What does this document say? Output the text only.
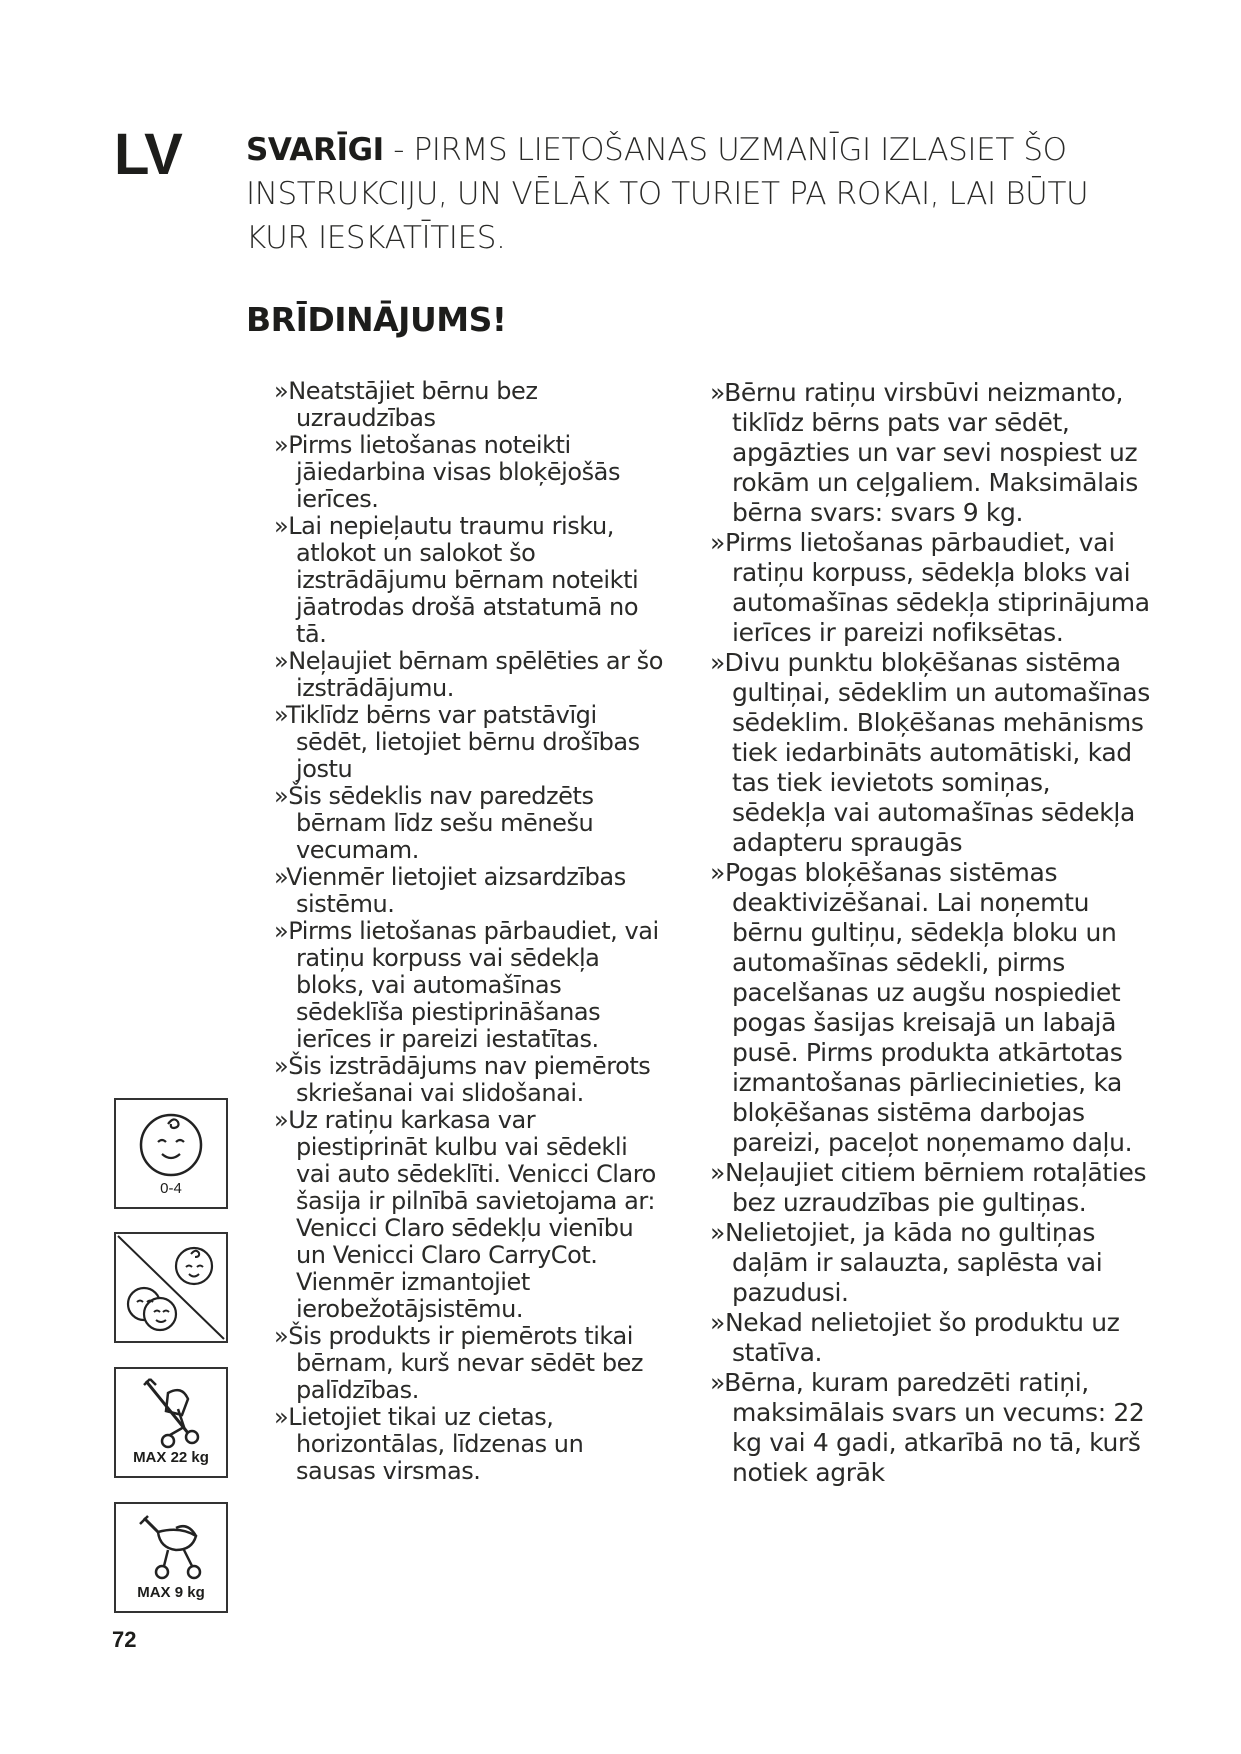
LV SVARĪGI - PIRMS LIETOŠANAS UZMANĪGI IZLASIET ŠO INSTRUKCIJU, UN VĒLĀK TO TURIET PA ROKAI, LAI BŪTU KUR IESKATĪTIES.
BRĪDINĀJUMS!
» Neatstājiet bērnu bez uzraudzības
» Pirms lietošanas noteikti jāiedarbina visas bloķējošās ierīces.
» Lai nepieļautu traumu risku, atlokot un salokot šo izstrādājumu bērnam noteikti jāatrodas drošā atstatumā no tā.
» Neļaujiet bērnam spēlēties ar šo izstrādājumu.
» Tiklīdz bērns var patstāvīgi sēdēt, lietojiet bērnu drošības jostu
» Šis sēdeklis nav paredzēts bērnam līdz sešu mēnešu vecumam.
» Vienmēr lietojiet aizsardzības sistēmu.
» Pirms lietošanas pārbaudiet, vai ratiņu korpuss vai sēdekļa bloks, vai automašīnas sēdeklīša piestiprināšanas ierīces ir pareizi iestatītas.
» Šis izstrādājums nav piemērots skriešanai vai slidošanai.
» Uz ratiņu karkasa var piestiprināt kulbu vai sēdekli vai auto sēdeklīti. Venicci Claro šasija ir pilnībā savietojama ar: Venicci Claro sēdekļu vienību un Venicci Claro CarryCot. Vienmēr izmantojiet ierobežotājsistēmu.
» Šis produkts ir piemērots tikai bērnam, kurš nevar sēdēt bez palīdzības.
» Lietojiet tikai uz cietas, horizontālas, līdzenas un sausas virsmas.
» Bērnu ratiņu virsbūvi neizmanto, tiklīdz bērns pats var sēdēt, apgāzties un var sevi nospiest uz rokām un ceļgaliem. Maksimālais bērna svars: svars 9 kg.
» Pirms lietošanas pārbaudiet, vai ratiņu korpuss, sēdekļa bloks vai automašīnas sēdekļa stiprinājuma ierīces ir pareizi nofiksētas.
» Divu punktu bloķēšanas sistēma gultiņai, sēdeklim un automašīnas sēdeklim. Bloķēšanas mehānisms tiek iedarbināts automātiski, kad tas tiek ievietots somiņas, sēdekļa vai automašīnas sēdekļa adapteru spraugās
» Pogas bloķēšanas sistēmas deaktivizēšanai. Lai noņemtu bērnu gultiņu, sēdekļa bloku un automašīnas sēdekli, pirms pacelšanas uz augšu nospiediet pogas šasijas kreisajā un labajā pusē. Pirms produkta atkārtotas izmantošanas pārliecinieties, ka bloķēšanas sistēma darbojas pareizi, paceļot noņemamo daļu.
» Neļaujiet citiem bērniem rotaļāties bez uzraudzības pie gultiņas.
» Nelietojiet, ja kāda no gultiņas daļām ir salauzta, saplēsta vai pazudusi.
» Nekad nelietojiet šo produktu uz statīva.
» Bērna, kuram paredzēti ratiņi, maksimālais svars un vecums: 22 kg vai 4 gadi, atkarībā no tā, kurš notiek agrāk
0-4
MAX 22 kg
MAX 9 kg
72
